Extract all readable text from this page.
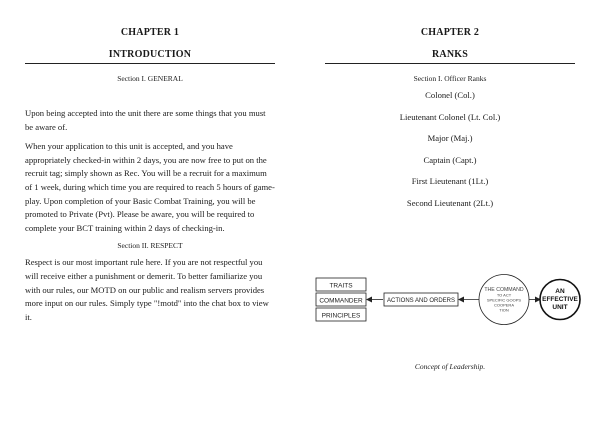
CHAPTER 1
INTRODUCTION
Section I. GENERAL

Upon being accepted into the unit there are some things that you must be aware of.

When your application to this unit is accepted, and you have appropriately checked-in within 2 days, you are now free to put on the recruit tag; simply shown as Rec. You will be a recruit for a maximum of 1 week, during which time you are required to reach 5 hours of game-play. Upon completion of your Basic Combat Training, you will be promoted to Private (Pvt). Please be aware, you will be required to complete your BCT training within 2 days of checking-in.

Section II. RESPECT

Respect is our most important rule here. If you are not respectful you will receive either a punishment or demerit. To better familiarize you with our rules, our MOTD on our public and realism servers provides more input on our rules. Simply type "!motd" into the chat box to view it.

CHAPTER 2
RANKS
Section I. Officer Ranks
Colonel (Col.)
Lieutenant Colonel (Lt. Col.)
Major (Maj.)
Captain (Capt.)
First Lieutenant (1Lt.)
Second Lieutenant (2Lt.)
TRAITS
COMMANDER
PRINCIPLES
ACTIONS AND ORDERS
THE COMMAND
TO ACT
SPECIFIC GOOPS
COOPERA
TION
AN
EFFECTIVE
UNIT
Concept of Leadership.
